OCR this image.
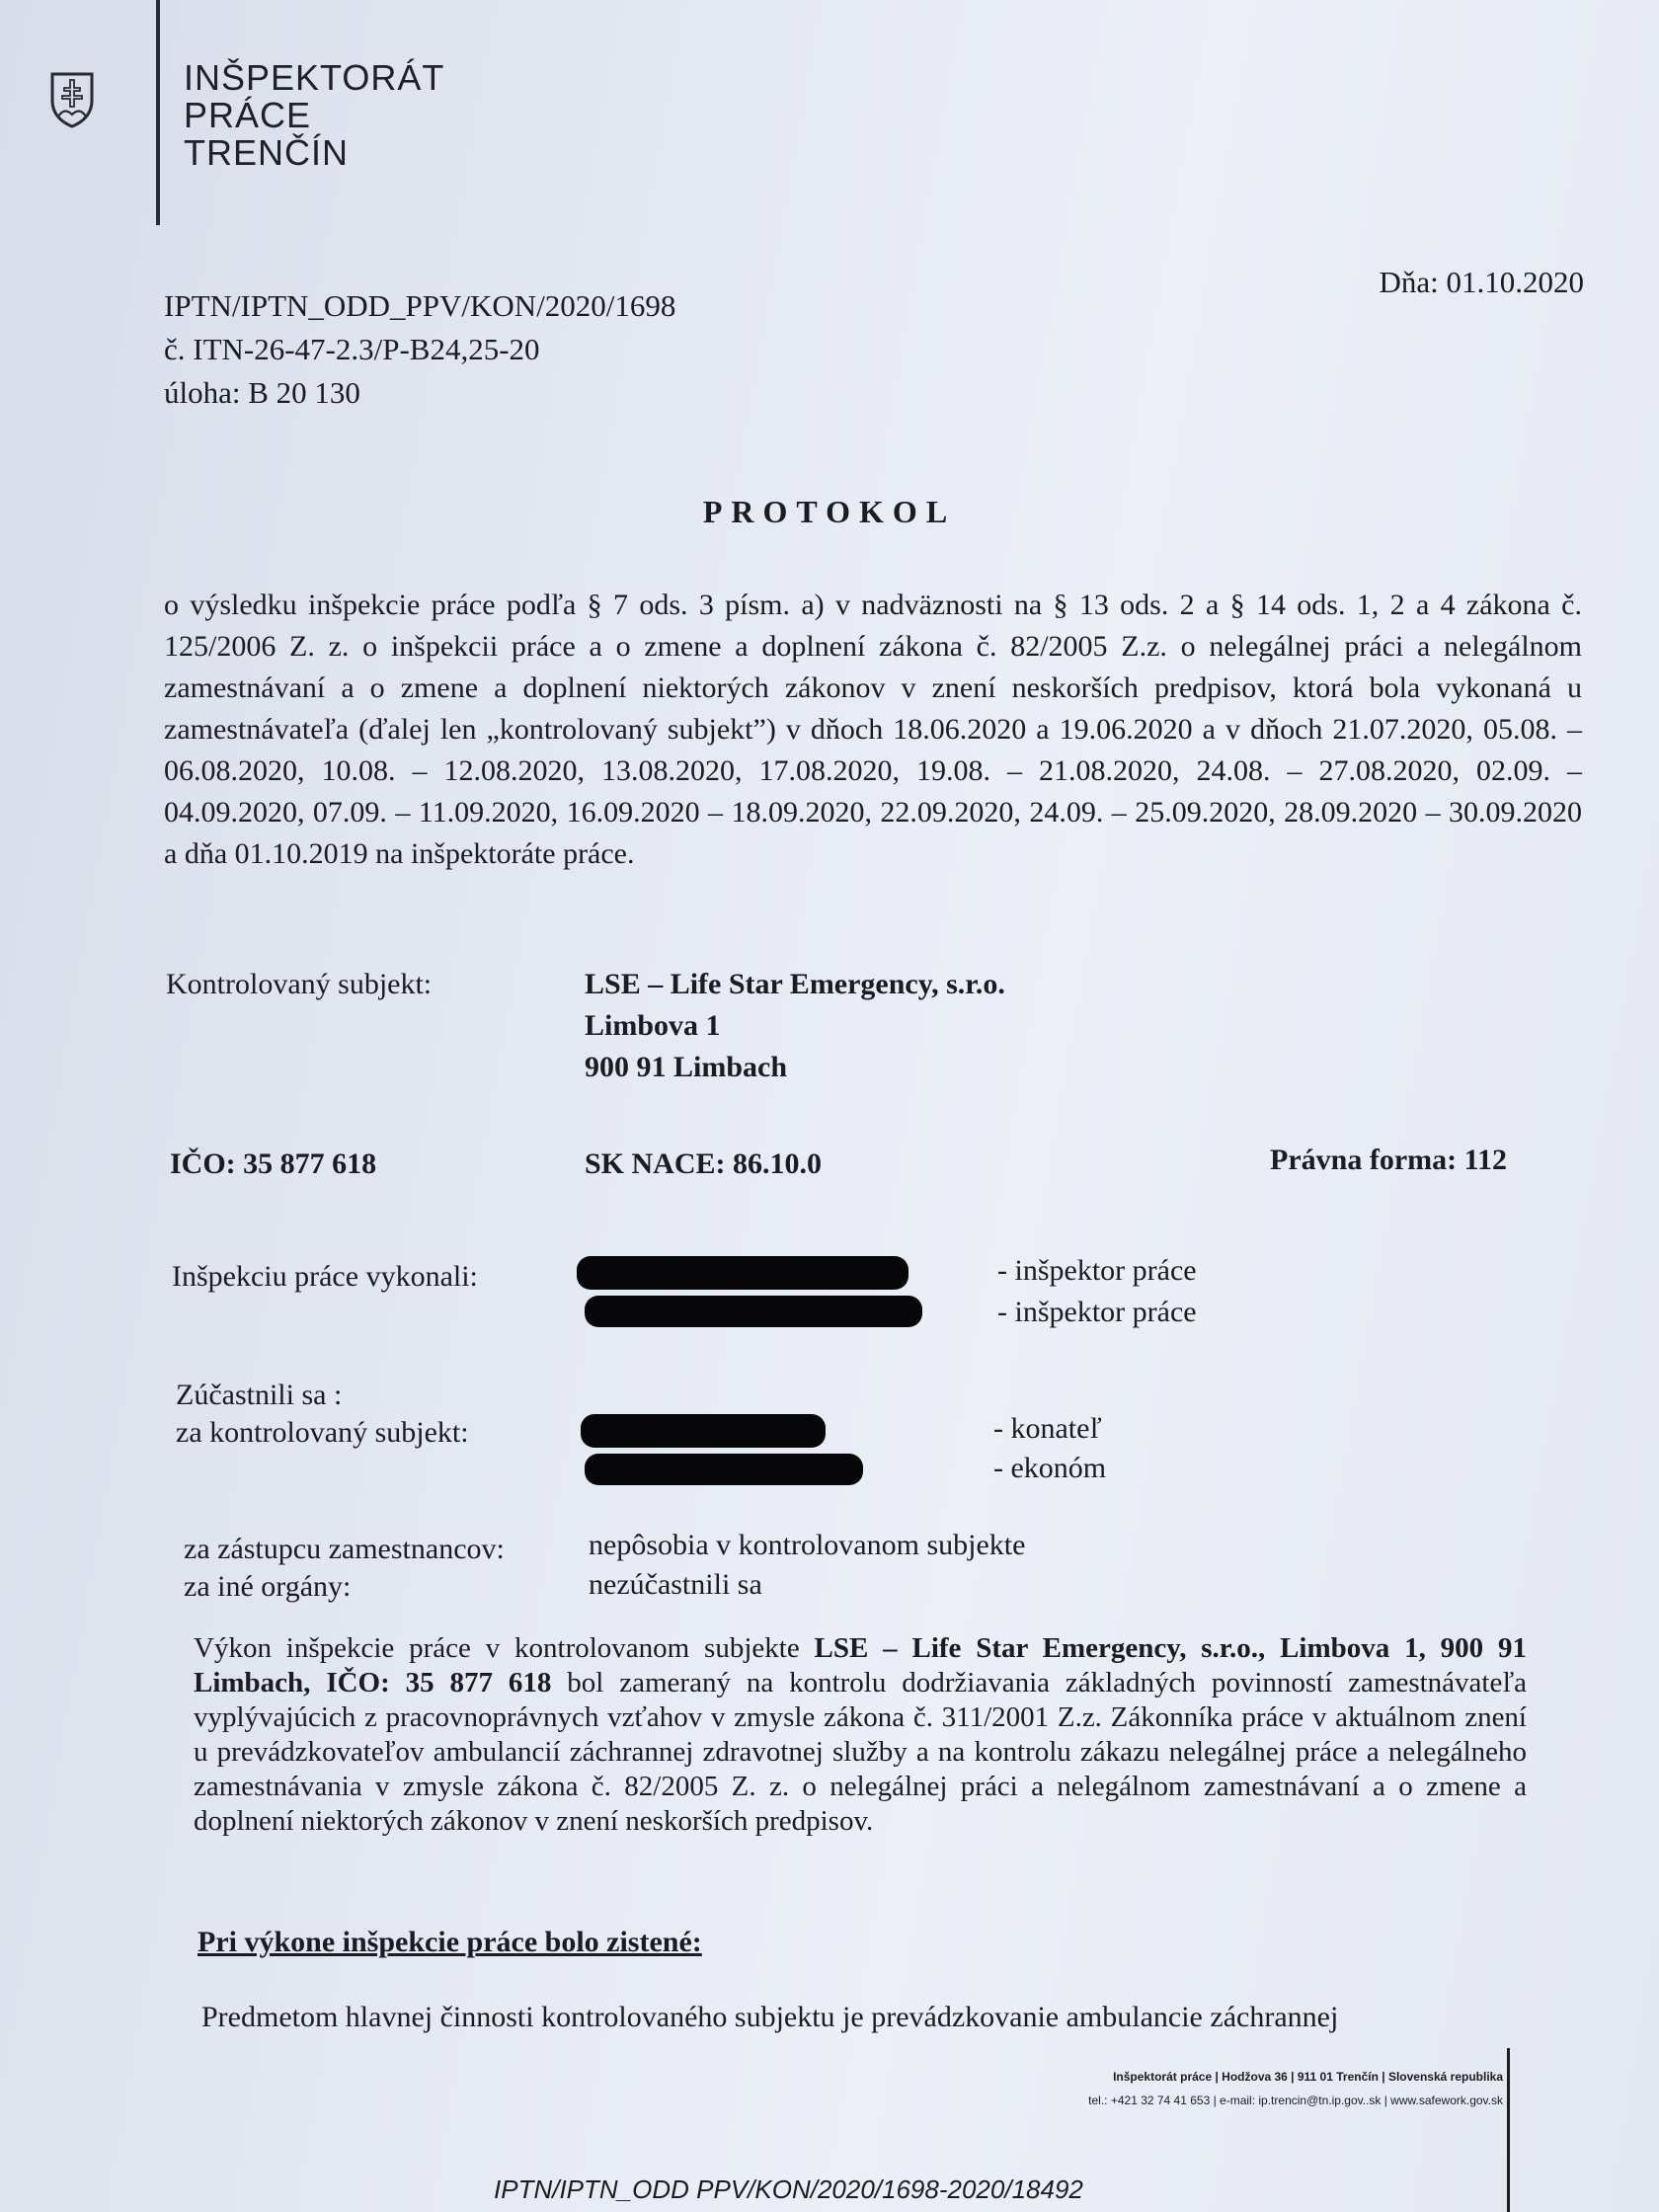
INŠPEKTORÁT
PRÁCE
TRENČÍN
IPTN/IPTN_ODD_PPV/KON/2020/1698
č. ITN-26-47-2.3/P-B24,25-20
úloha: B 20 130
Dňa: 01.10.2020
PROTOKOL
o výsledku inšpekcie práce podľa § 7 ods. 3 písm. a) v nadväznosti na § 13 ods. 2 a § 14 ods. 1, 2 a 4 zákona č. 125/2006 Z. z. o inšpekcii práce a o zmene a doplnení zákona č. 82/2005 Z.z. o nelegálnej práci a nelegálnom zamestnávaní a o zmene a doplnení niektorých zákonov v znení neskorších predpisov, ktorá bola vykonaná u zamestnávateľa (ďalej len „kontrolovaný subjekt”) v dňoch 18.06.2020 a 19.06.2020 a v dňoch 21.07.2020, 05.08. – 06.08.2020, 10.08. – 12.08.2020, 13.08.2020, 17.08.2020, 19.08. – 21.08.2020, 24.08. – 27.08.2020, 02.09. – 04.09.2020, 07.09. – 11.09.2020, 16.09.2020 – 18.09.2020, 22.09.2020, 24.09. – 25.09.2020, 28.09.2020 – 30.09.2020 a dňa 01.10.2019 na inšpektoráte práce.
Kontrolovaný subjekt:	LSE – Life Star Emergency, s.r.o.
Limbova 1
900 91 Limbach
IČO: 35 877 618	SK NACE: 86.10.0	Právna forma: 112
Inšpekciu práce vykonali:	- inšpektor práce
- inšpektor práce
Zúčastnili sa :
za kontrolovaný subjekt:	- konateľ
- ekonóm
za zástupcu zamestnancov:	nepôsobia v kontrolovanom subjekte
za iné orgány:	nezúčastnili sa
Výkon inšpekcie práce v kontrolovanom subjekte LSE – Life Star Emergency, s.r.o., Limbova 1, 900 91 Limbach, IČO: 35 877 618 bol zameraný na kontrolu dodržiavania základných povinností zamestnávateľa vyplývajúcich z pracovnoprávnych vzťahov v zmysle zákona č. 311/2001 Z.z. Zákonníka práce v aktuálnom znení u prevádzkovateľov ambulancií záchrannej zdravotnej služby a na kontrolu zákazu nelegálnej práce a nelegálneho zamestnávania v zmysle zákona č. 82/2005 Z. z. o nelegálnej práci a nelegálnom zamestnávaní a o zmene a doplnení niektorých zákonov v znení neskorších predpisov.
Pri výkone inšpekcie práce bolo zistené:
Predmetom hlavnej činnosti kontrolovaného subjektu je prevádzkovanie ambulancie záchrannej
Inšpektorát práce | Hodžova 36 | 911 01 Trenčín | Slovenská republika
tel.: +421 32 74 41 653 | e-mail: ip.trencin@tn.ip.gov..sk | www.safework.gov.sk
IPTN/IPTN_ODD PPV/KON/2020/1698-2020/18492
